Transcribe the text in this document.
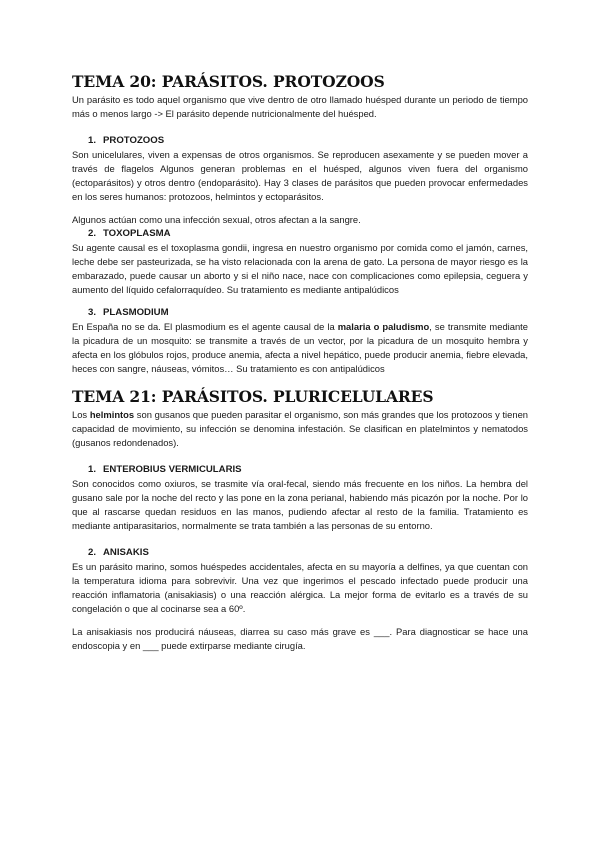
TEMA 20: PARÁSITOS. PROTOZOOS

Un parásito es todo aquel organismo que vive dentro de otro llamado huésped durante un periodo de tiempo más o menos largo -> El parásito depende nutricionalmente del huésped.

1. PROTOZOOS

Son unicelulares, viven a expensas de otros organismos. Se reproducen asexamente y se pueden mover a través de flagelos Algunos generan problemas en el huésped, algunos viven fuera del organismo (ectoparásitos) y otros dentro (endoparásito). Hay 3 clases de parásitos que pueden provocar enfermedades en los seres humanos: protozoos, helmintos y ectoparásitos.

Algunos actúan como una infección sexual, otros afectan a la sangre.

2. TOXOPLASMA

Su agente causal es el toxoplasma gondii, ingresa en nuestro organismo por comida como el jamón, carnes, leche debe ser pasteurizada, se ha visto relacionada con la arena de gato. La persona de mayor riesgo es la embarazado, puede causar un aborto y si el niño nace, nace con complicaciones como epilepsia, ceguera y aumento del líquido cefalorraquídeo. Su tratamiento es mediante antipalúdicos

3. PLASMODIUM

En España no se da. El plasmodium es el agente causal de la malaria o paludismo, se transmite mediante la picadura de un mosquito: se transmite a través de un vector, por la picadura de un mosquito hembra y afecta en los glóbulos rojos, produce anemia, afecta a nivel hepático, puede producir anemia, fiebre elevada, heces con sangre, náuseas, vómitos… Su tratamiento es con antipalúdicos

TEMA 21: PARÁSITOS. PLURICELULARES

Los helmintos son gusanos que pueden parasitar el organismo, son más grandes que los protozoos y tienen capacidad de movimiento, su infección se denomina infestación. Se clasifican en platelmintos y nematodos (gusanos redondenados).

1. ENTEROBIUS VERMICULARIS

Son conocidos como oxiuros, se trasmite vía oral-fecal, siendo más frecuente en los niños. La hembra del gusano sale por la noche del recto y las pone en la zona perianal, habiendo más picazón por la noche. Por lo que al rascarse quedan residuos en las manos, pudiendo afectar al resto de la familia. Tratamiento es mediante antiparasitarios, normalmente se trata también a las personas de su entorno.

2. ANISAKIS

Es un parásito marino, somos huéspedes accidentales, afecta en su mayoría a delfines, ya que cuentan con la temperatura idioma para sobrevivir. Una vez que ingerimos el pescado infectado puede producir una reacción inflamatoria (anisakiasis) o una reacción alérgica. La mejor forma de evitarlo es a través de su congelación o que al cocinarse sea a 60º.

La anisakiasis nos producirá náuseas, diarrea su caso más grave es ___. Para diagnosticar se hace una endoscopia y en ___ puede extirparse mediante cirugía.
